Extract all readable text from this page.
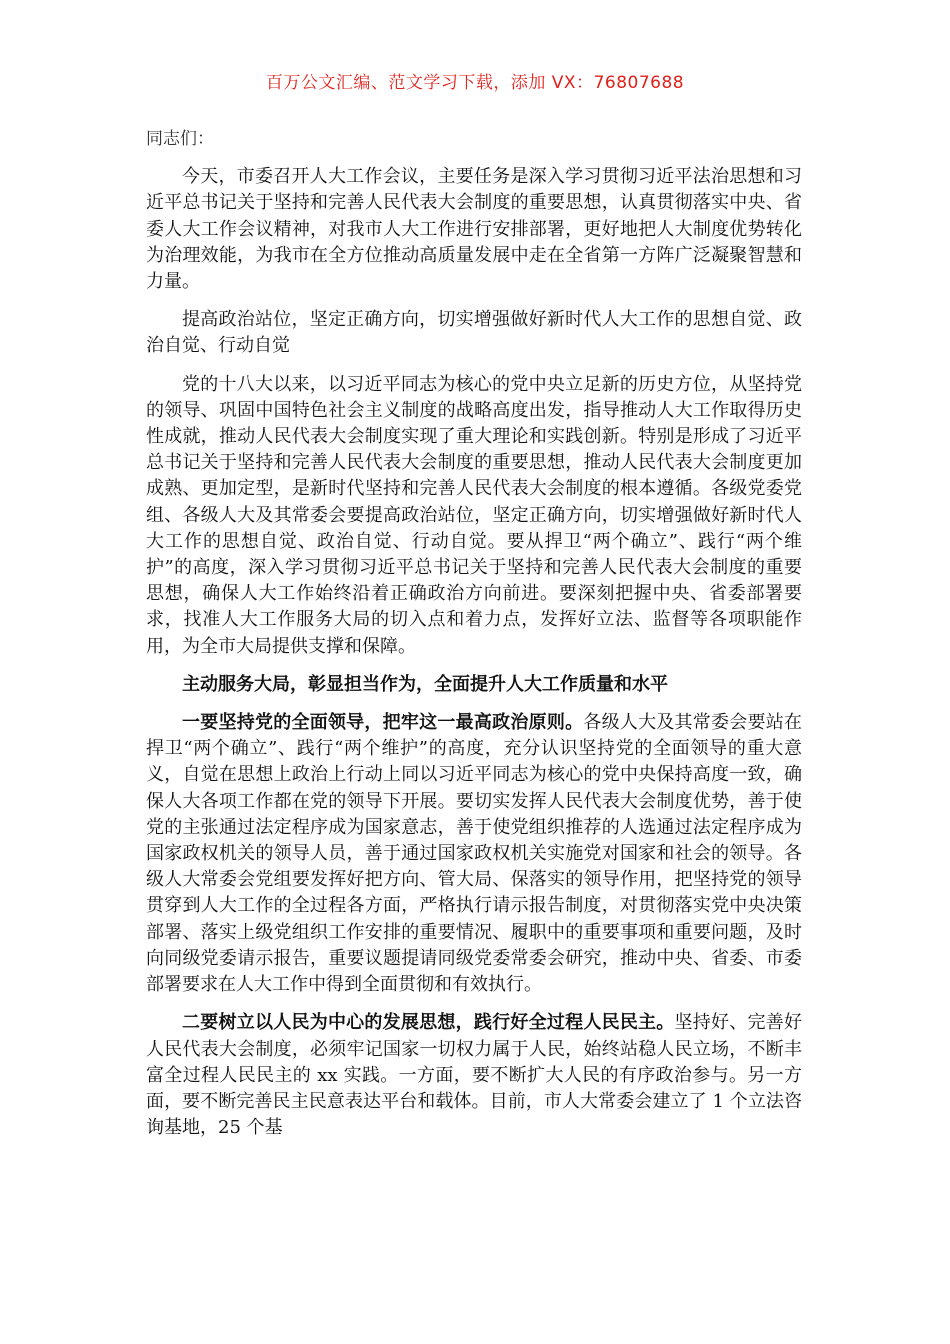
百万公文汇编、范文学习下载，添加 VX：76807688

同志们：

今天，市委召开人大工作会议，主要任务是深入学习贯彻习近平法治思想和习近平总书记关于坚持和完善人民代表大会制度的重要思想，认真贯彻落实中央、省委人大工作会议精神，对我市人大工作进行安排部署，更好地把人大制度优势转化为治理效能，为我市在全方位推动高质量发展中走在全省第一方阵广泛凝聚智慧和力量。

提高政治站位，坚定正确方向，切实增强做好新时代人大工作的思想自觉、政治自觉、行动自觉

党的十八大以来，以习近平同志为核心的党中央立足新的历史方位，从坚持党的领导、巩固中国特色社会主义制度的战略高度出发，指导推动人大工作取得历史性成就，推动人民代表大会制度实现了重大理论和实践创新。特别是形成了习近平总书记关于坚持和完善人民代表大会制度的重要思想，推动人民代表大会制度更加成熟、更加定型，是新时代坚持和完善人民代表大会制度的根本遵循。各级党委党组、各级人大及其常委会要提高政治站位，坚定正确方向，切实增强做好新时代人大工作的思想自觉、政治自觉、行动自觉。要从捍卫“两个确立”、践行“两个维护”的高度，深入学习贯彻习近平总书记关于坚持和完善人民代表大会制度的重要思想，确保人大工作始终沿着正确政治方向前进。要深刻把握中央、省委部署要求，找准人大工作服务大局的切入点和着力点，发挥好立法、监督等各项职能作用，为全市大局提供支撑和保障。

主动服务大局，彰显担当作为，全面提升人大工作质量和水平

一要坚持党的全面领导，把牢这一最高政治原则。各级人大及其常委会要站在捍卫“两个确立”、践行“两个维护”的高度，充分认识坚持党的全面领导的重大意义，自觉在思想上政治上行动上同以习近平同志为核心的党中央保持高度一致，确保人大各项工作都在党的领导下开展。要切实发挥人民代表大会制度优势，善于使党的主张通过法定程序成为国家意志，善于使党组织推荐的人选通过法定程序成为国家政权机关的领导人员，善于通过国家政权机关实施党对国家和社会的领导。各级人大常委会党组要发挥好把方向、管大局、保落实的领导作用，把坚持党的领导贯穿到人大工作的全过程各方面，严格执行请示报告制度，对贯彻落实党中央决策部署、落实上级党组织工作安排的重要情况、履职中的重要事项和重要问题，及时向同级党委请示报告，重要议题提请同级党委常委会研究，推动中央、省委、市委部署要求在人大工作中得到全面贯彻和有效执行。

二要树立以人民为中心的发展思想，践行好全过程人民民主。坚持好、完善好人民代表大会制度，必须牢记国家一切权力属于人民，始终站稳人民立场，不断丰富全过程人民民主的 xx 实践。一方面，要不断扩大人民的有序政治参与。另一方面，要不断完善民主民意表达平台和载体。目前，市人大常委会建立了 1 个立法咨询基地，25 个基
